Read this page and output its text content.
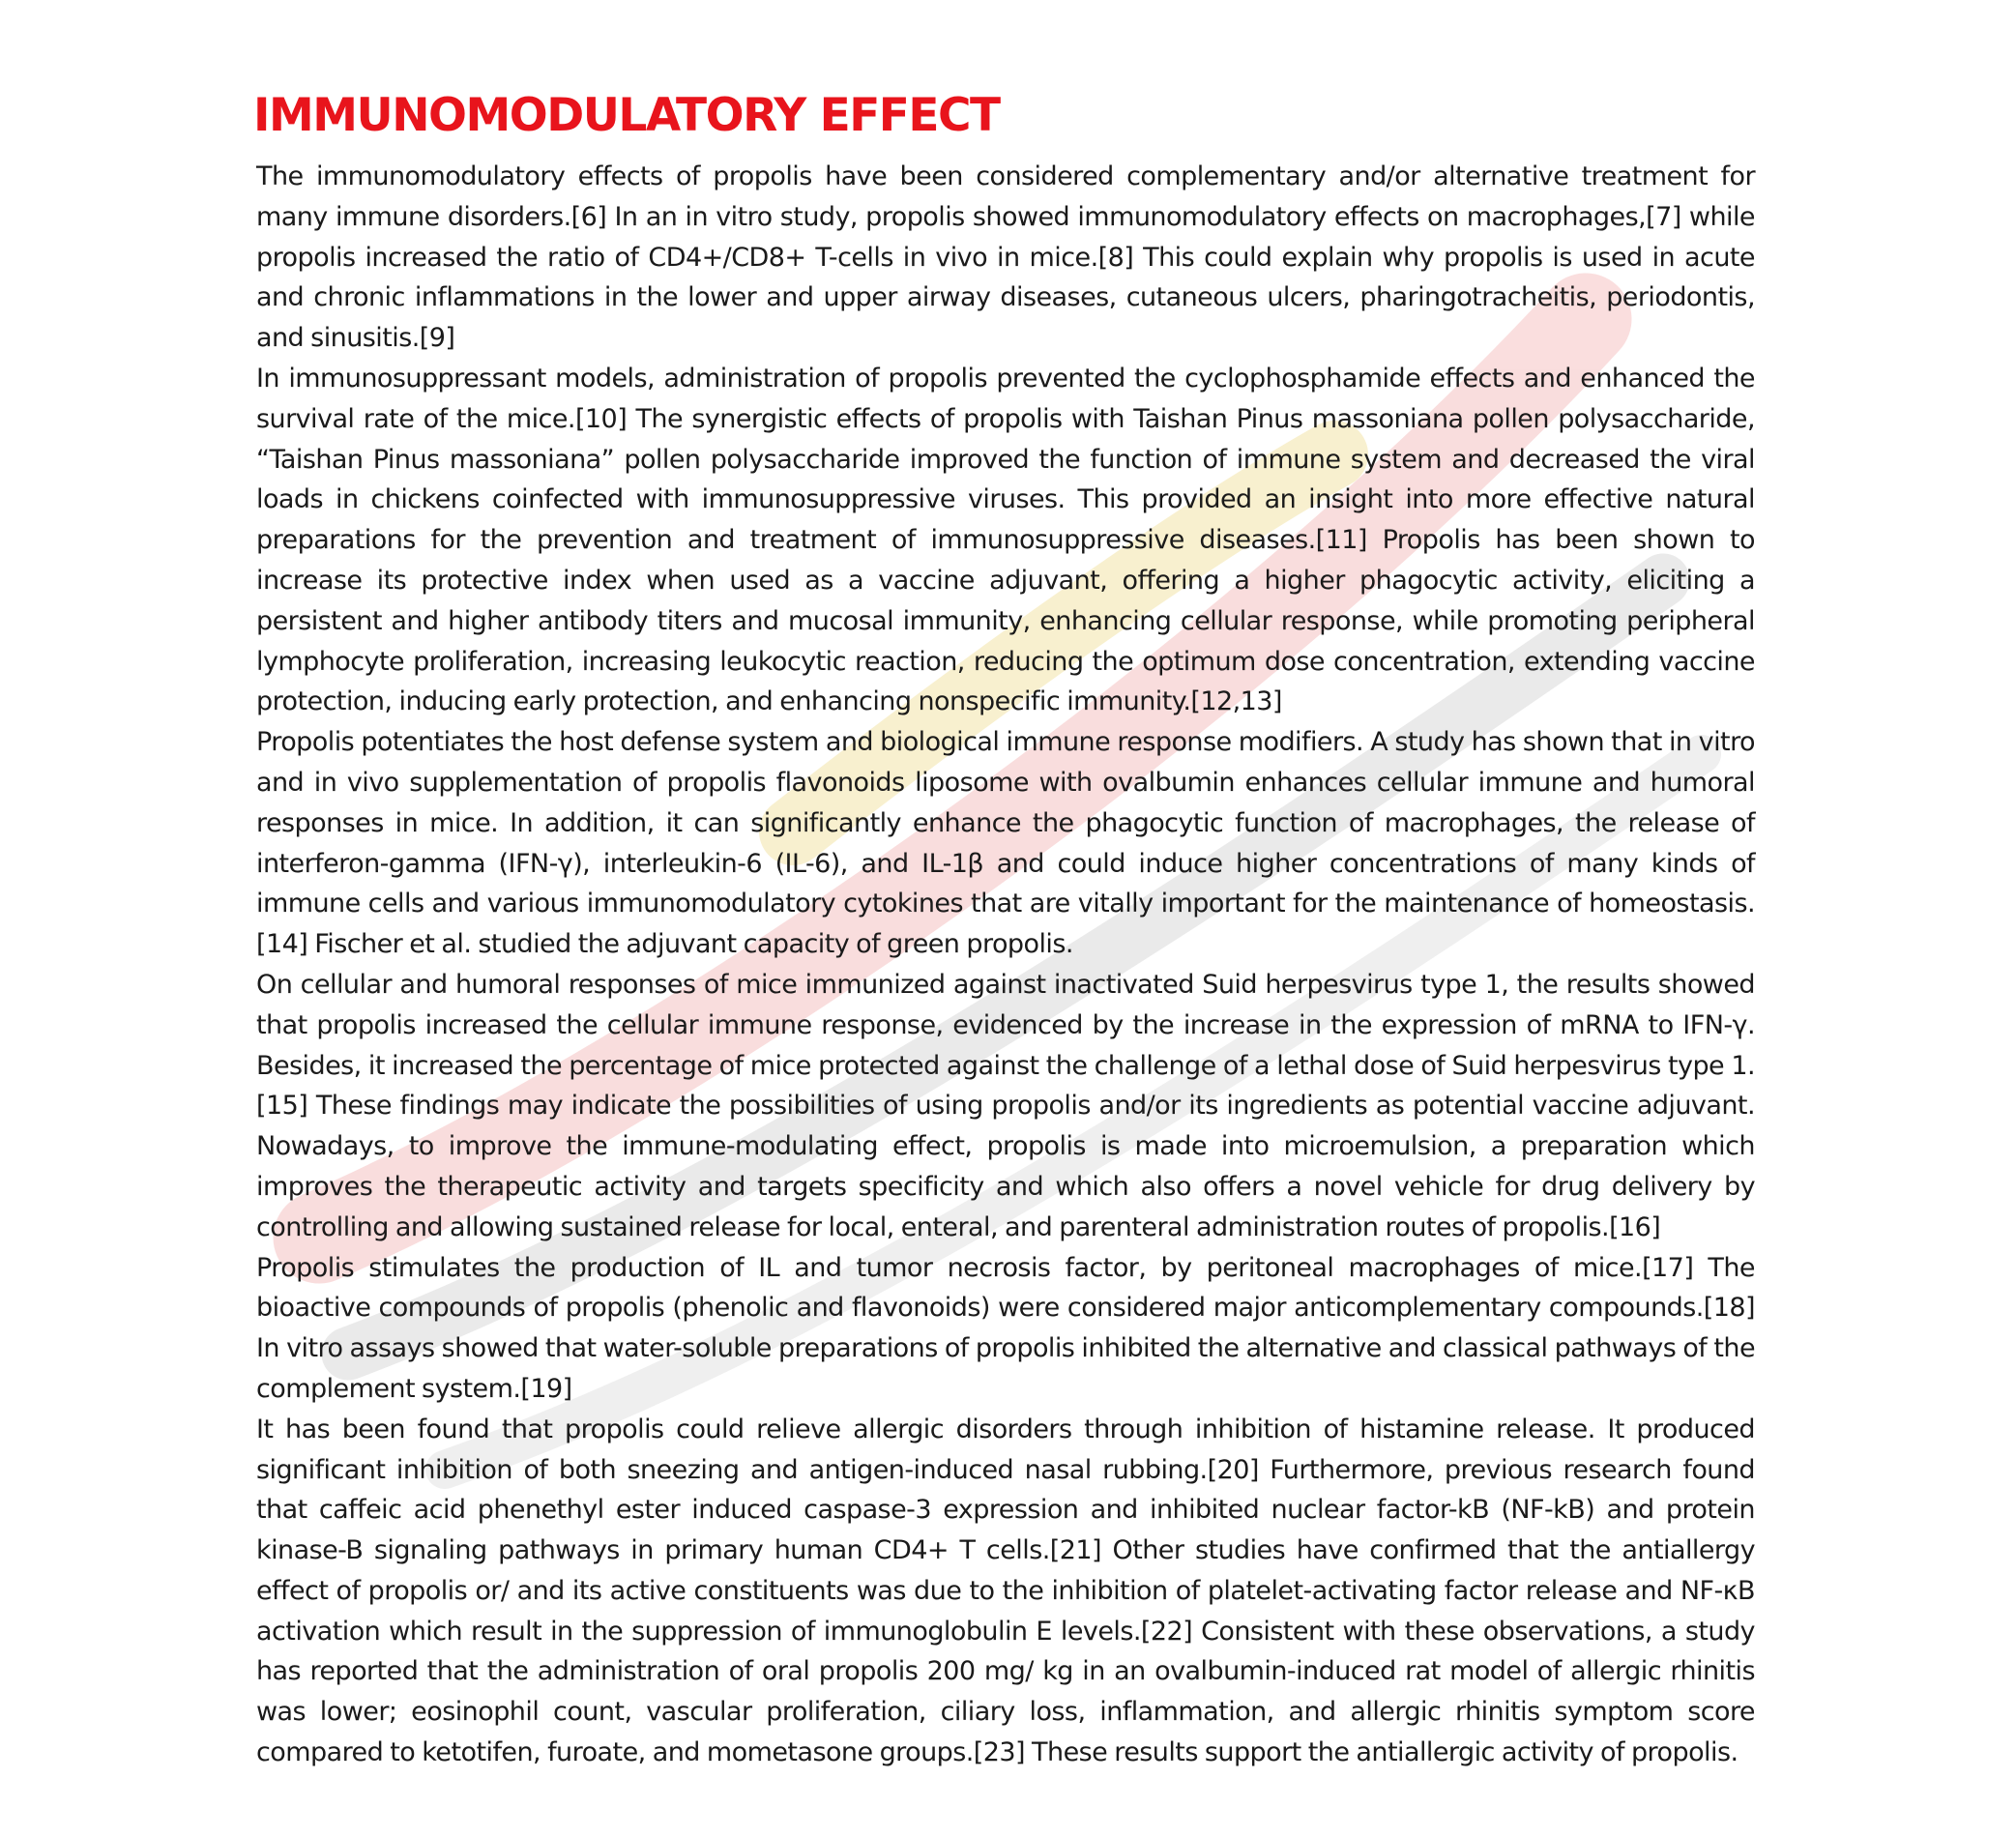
IMMUNOMODULATORY EFFECT

The immunomodulatory effects of propolis have been considered complementary and/or alternative treatment for many immune disorders.[6] In an in vitro study, propolis showed immunomodulatory effects on macrophages,[7] while propolis increased the ratio of CD4+/CD8+ T-cells in vivo in mice.[8] This could explain why propolis is used in acute and chronic inflammations in the lower and upper airway diseases, cutaneous ulcers, pharingotracheitis, periodontis, and sinusitis.[9]

In immunosuppressant models, administration of propolis prevented the cyclophosphamide effects and enhanced the survival rate of the mice.[10] The synergistic effects of propolis with Taishan Pinus massoniana pollen polysaccharide, “Taishan Pinus massoniana” pollen polysaccharide improved the function of immune system and decreased the viral loads in chickens coinfected with immunosuppressive viruses. This provided an insight into more effective natural preparations for the prevention and treatment of immunosuppressive diseases.[11] Propolis has been shown to increase its protective index when used as a vaccine adjuvant, offering a higher phagocytic activity, eliciting a persistent and higher antibody titers and mucosal immunity, enhancing cellular response, while promoting peripheral lymphocyte proliferation, increasing leukocytic reaction, reducing the optimum dose concentration, extending vaccine protection, inducing early protection, and enhancing nonspecific immunity.[12,13]

Propolis potentiates the host defense system and biological immune response modifiers. A study has shown that in vitro and in vivo supplementation of propolis flavonoids liposome with ovalbumin enhances cellular immune and humoral responses in mice. In addition, it can significantly enhance the phagocytic function of macrophages, the release of interferon-gamma (IFN-γ), interleukin-6 (IL-6), and IL-1β and could induce higher concentrations of many kinds of immune cells and various immunomodulatory cytokines that are vitally important for the maintenance of homeostasis.[14] Fischer et al. studied the adjuvant capacity of green propolis.

On cellular and humoral responses of mice immunized against inactivated Suid herpesvirus type 1, the results showed that propolis increased the cellular immune response, evidenced by the increase in the expression of mRNA to IFN-γ. Besides, it increased the percentage of mice protected against the challenge of a lethal dose of Suid herpesvirus type 1.[15] These findings may indicate the possibilities of using propolis and/or its ingredients as potential vaccine adjuvant. Nowadays, to improve the immune-modulating effect, propolis is made into microemulsion, a preparation which improves the therapeutic activity and targets specificity and which also offers a novel vehicle for drug delivery by controlling and allowing sustained release for local, enteral, and parenteral administration routes of propolis.[16]

Propolis stimulates the production of IL and tumor necrosis factor, by peritoneal macrophages of mice.[17] The bioactive compounds of propolis (phenolic and flavonoids) were considered major anticomplementary compounds.[18] In vitro assays showed that water-soluble preparations of propolis inhibited the alternative and classical pathways of the complement system.[19]

It has been found that propolis could relieve allergic disorders through inhibition of histamine release. It produced significant inhibition of both sneezing and antigen-induced nasal rubbing.[20] Furthermore, previous research found that caffeic acid phenethyl ester induced caspase-3 expression and inhibited nuclear factor-kB (NF-kB) and protein kinase-B signaling pathways in primary human CD4+ T cells.[21] Other studies have confirmed that the antiallergy effect of propolis or/ and its active constituents was due to the inhibition of platelet-activating factor release and NF-κB activation which result in the suppression of immunoglobulin E levels.[22] Consistent with these observations, a study has reported that the administration of oral propolis 200 mg/ kg in an ovalbumin-induced rat model of allergic rhinitis was lower; eosinophil count, vascular proliferation, ciliary loss, inflammation, and allergic rhinitis symptom score compared to ketotifen, furoate, and mometasone groups.[23] These results support the antiallergic activity of propolis.
